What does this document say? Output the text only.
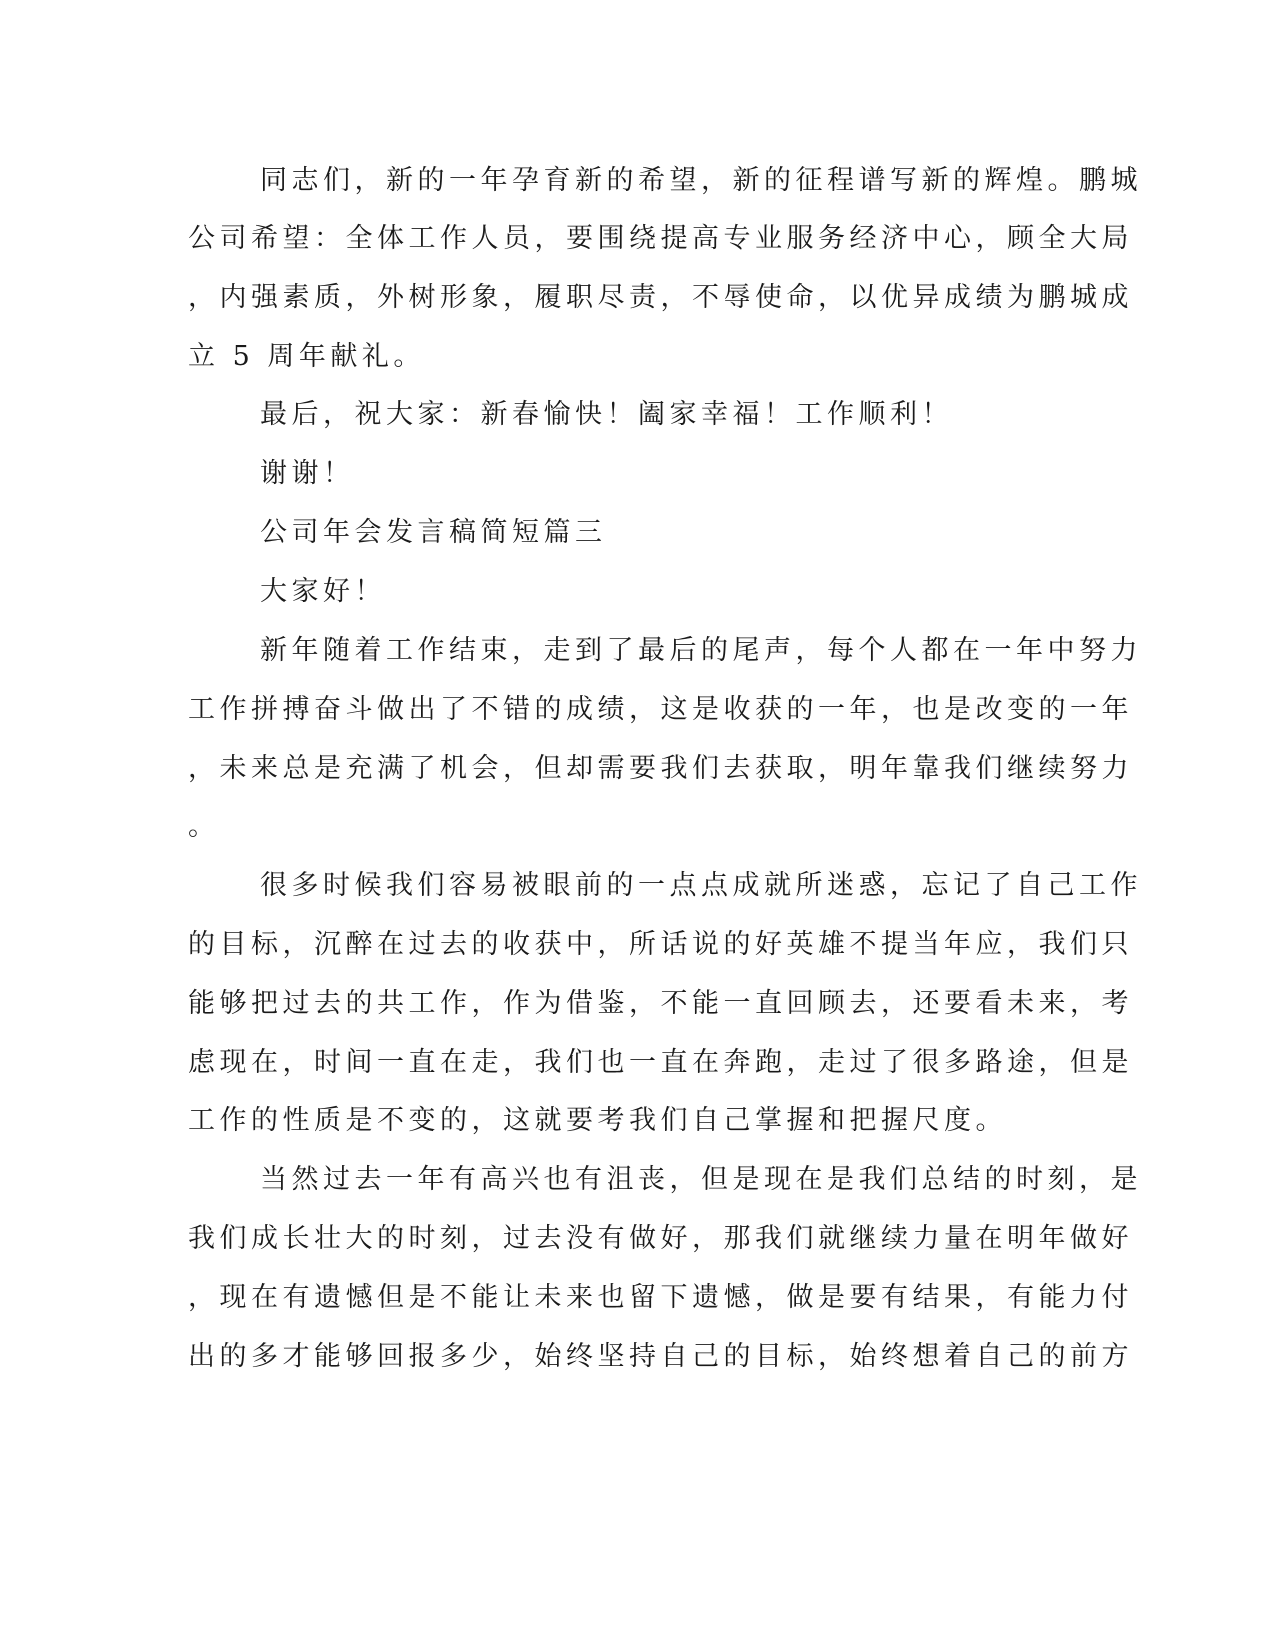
同志们，新的一年孕育新的希望，新的征程谱写新的辉煌。鹏城

公司希望：全体工作人员，要围绕提高专业服务经济中心，顾全大局

，内强素质，外树形象，履职尽责，不辱使命，以优异成绩为鹏城成

立 5 周年献礼。

最后，祝大家：新春愉快！阖家幸福！工作顺利！

谢谢！

公司年会发言稿简短篇三

大家好！

新年随着工作结束，走到了最后的尾声，每个人都在一年中努力

工作拼搏奋斗做出了不错的成绩，这是收获的一年，也是改变的一年

，未来总是充满了机会，但却需要我们去获取，明年靠我们继续努力

。

很多时候我们容易被眼前的一点点成就所迷惑，忘记了自己工作

的目标，沉醉在过去的收获中，所话说的好英雄不提当年应，我们只

能够把过去的共工作，作为借鉴，不能一直回顾去，还要看未来，考

虑现在，时间一直在走，我们也一直在奔跑，走过了很多路途，但是

工作的性质是不变的，这就要考我们自己掌握和把握尺度。

当然过去一年有高兴也有沮丧，但是现在是我们总结的时刻，是

我们成长壮大的时刻，过去没有做好，那我们就继续力量在明年做好

，现在有遗憾但是不能让未来也留下遗憾，做是要有结果，有能力付

出的多才能够回报多少，始终坚持自己的目标，始终想着自己的前方
